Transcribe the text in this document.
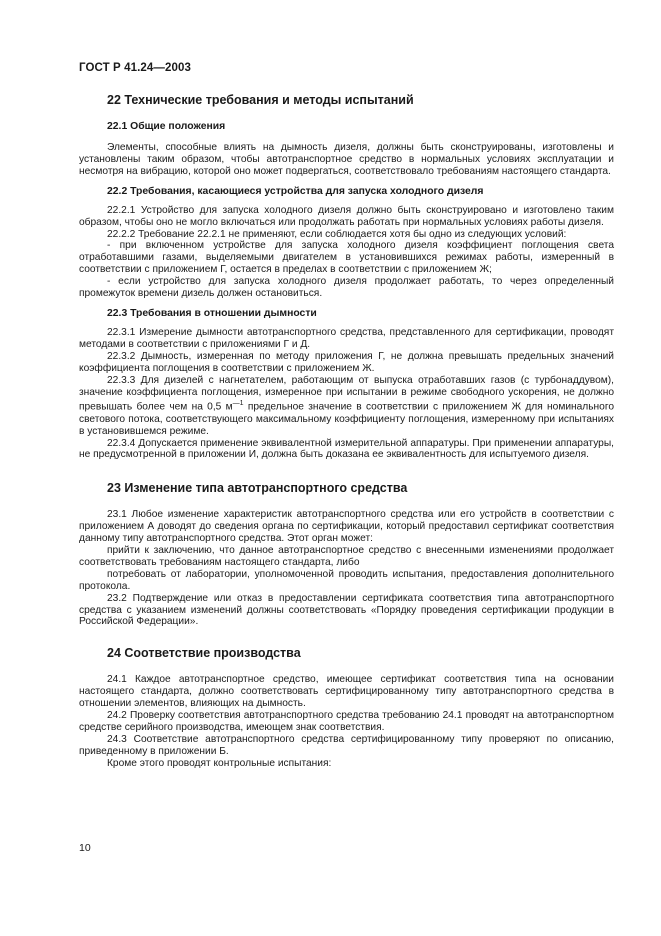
ГОСТ Р 41.24—2003
22 Технические требования и методы испытаний
22.1 Общие положения

Элементы, способные влиять на дымность дизеля, должны быть сконструированы, изготовлены и установлены таким образом, чтобы автотранспортное средство в нормальных условиях эксплуатации и несмотря на вибрацию, которой оно может подвергаться, соответствовало требованиям настоящего стандарта.

22.2 Требования, касающиеся устройства для запуска холодного дизеля

22.2.1 Устройство для запуска холодного дизеля должно быть сконструировано и изготовлено таким образом, чтобы оно не могло включаться или продолжать работать при нормальных условиях работы дизеля.

22.2.2 Требование 22.2.1 не применяют, если соблюдается хотя бы одно из следующих условий:

- при включенном устройстве для запуска холодного дизеля коэффициент поглощения света отработавшими газами, выделяемыми двигателем в установившихся режимах работы, измеренный в соответствии с приложением Г, остается в пределах в соответствии с приложением Ж;

- если устройство для запуска холодного дизеля продолжает работать, то через определенный промежуток времени дизель должен остановиться.

22.3 Требования в отношении дымности

22.3.1 Измерение дымности автотранспортного средства, представленного для сертификации, проводят методами в соответствии с приложениями Г и Д.

22.3.2 Дымность, измеренная по методу приложения Г, не должна превышать предельных значений коэффициента поглощения в соответствии с приложением Ж.

22.3.3 Для дизелей с нагнетателем, работающим от выпуска отработавших газов (с турбонаддувом), значение коэффициента поглощения, измеренное при испытании в режиме свободного ускорения, не должно превышать более чем на 0,5 $м^{—1}$ предельное значение в соответствии с приложением Ж для номинального светового потока, соответствующего максимальному коэффициенту поглощения, измеренному при испытаниях в установившемся режиме.

22.3.4 Допускается применение эквивалентной измерительной аппаратуры. При применении аппаратуры, не предусмотренной в приложении И, должна быть доказана ее эквивалентность для испытуемого дизеля.

23 Изменение типа автотранспортного средства

23.1 Любое изменение характеристик автотранспортного средства или его устройств в соответствии с приложением А доводят до сведения органа по сертификации, который предоставил сертификат соответствия данному типу автотранспортного средства. Этот орган может:

прийти к заключению, что данное автотранспортное средство с внесенными изменениями продолжает соответствовать требованиям настоящего стандарта, либо

потребовать от лаборатории, уполномоченной проводить испытания, предоставления дополнительного протокола.

23.2 Подтверждение или отказ в предоставлении сертификата соответствия типа автотранспортного средства с указанием изменений должны соответствовать «Порядку проведения сертификации продукции в Российской Федерации».

24 Соответствие производства

24.1 Каждое автотранспортное средство, имеющее сертификат соответствия типа на основании настоящего стандарта, должно соответствовать сертифицированному типу автотранспортного средства в отношении элементов, влияющих на дымность.

24.2 Проверку соответствия автотранспортного средства требованию 24.1 проводят на автотранспортном средстве серийного производства, имеющем знак соответствия.

24.3 Соответствие автотранспортного средства сертифицированному типу проверяют по описанию, приведенному в приложении Б.

Кроме этого проводят контрольные испытания:

10
